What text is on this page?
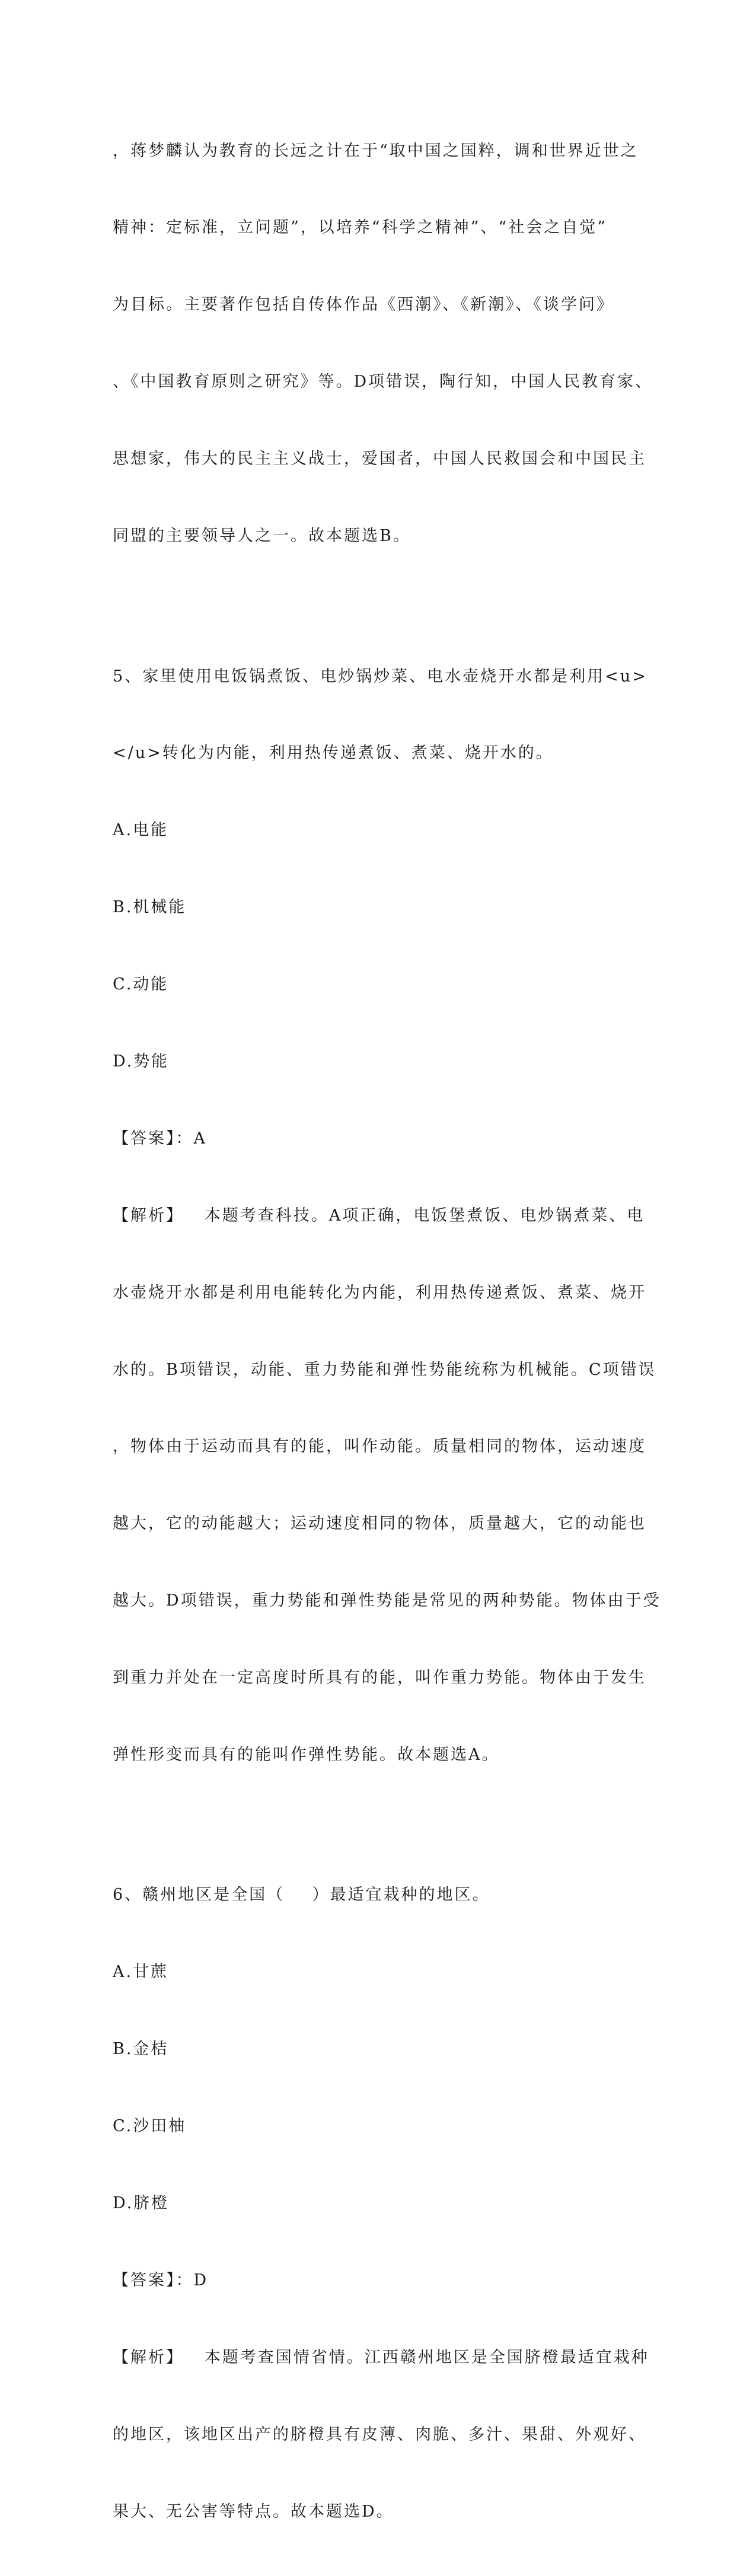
，蒋梦麟认为教育的长远之计在于“取中国之国粹，调和世界近世之

精神：定标准，立问题”，以培养“科学之精神”、“社会之自觉”

为目标。主要著作包括自传体作品《西潮》、《新潮》、《谈学问》

、《中国教育原则之研究》等。D项错误，陶行知，中国人民教育家、

思想家，伟大的民主主义战士，爱国者，中国人民救国会和中国民主

同盟的主要领导人之一。故本题选B。

5、家里使用电饭锅煮饭、电炒锅炒菜、电水壶烧开水都是利用<u>

</u>转化为内能，利用热传递煮饭、煮菜、烧开水的。

A.电能

B.机械能

C.动能

D.势能

【答案】：A

【解析】   本题考查科技。A项正确，电饭堡煮饭、电炒锅煮菜、电

水壶烧开水都是利用电能转化为内能，利用热传递煮饭、煮菜、烧开

水的。B项错误，动能、重力势能和弹性势能统称为机械能。C项错误

，物体由于运动而具有的能，叫作动能。质量相同的物体，运动速度

越大，它的动能越大；运动速度相同的物体，质量越大，它的动能也

越大。D项错误，重力势能和弹性势能是常见的两种势能。物体由于受

到重力并处在一定高度时所具有的能，叫作重力势能。物体由于发生

弹性形变而具有的能叫作弹性势能。故本题选A。

6、赣州地区是全国（    ）最适宜栽种的地区。

A.甘蔗

B.金桔

C.沙田柚

D.脐橙

【答案】：D

【解析】   本题考查国情省情。江西赣州地区是全国脐橙最适宜栽种

的地区，该地区出产的脐橙具有皮薄、肉脆、多汁、果甜、外观好、

果大、无公害等特点。故本题选D。
